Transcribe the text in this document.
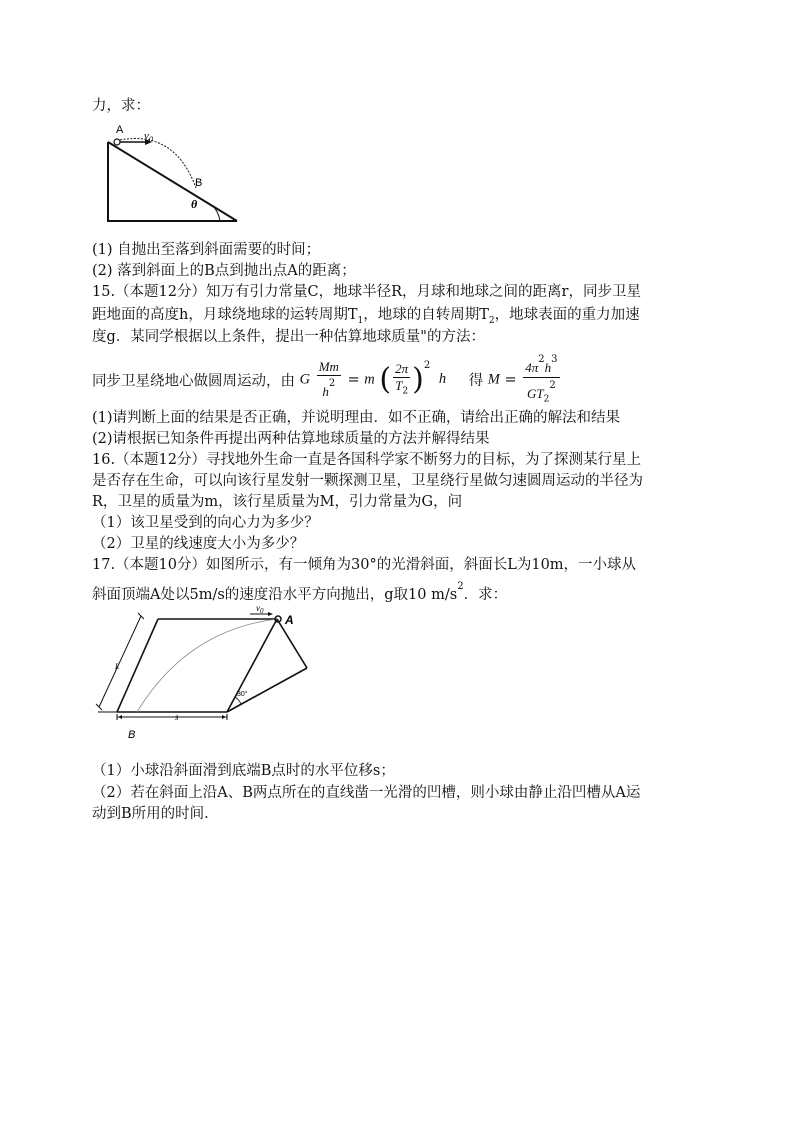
力，求：
A $v_0$
B
θ
(1) 自抛出至落到斜面需要的时间；
(2) 落到斜面上的B点到抛出点A的距离；
15.（本题12分）知万有引力常量C，地球半径R，月球和地球之间的距离r，同步卫星
距地面的高度h，月球绕地球的运转周期$T_1$，地球的自转周期$T_2$，地球表面的重力加速
度g．某同学根据以上条件，提出一种估算地球质量"的方法：
同步卫星绕地心做圆周运动，由 G $\frac{Mm}{h^2} = m$ ( $\frac{2\pi}{T_2} )^2$ h 得 $M = \frac{4\pi^2h^3}{GT_2^2}$
(1)请判断上面的结果是否正确，并说明理由．如不正确，请给出正确的解法和结果
(2)请根据已知条件再提出两种估算地球质量的方法并解得结果
16.（本题12分）寻找地外生命一直是各国科学家不断努力的目标，为了探测某行星上
是否存在生命，可以向该行星发射一颗探测卫星，卫星绕行星做匀速圆周运动的半径为
R，卫星的质量为m，该行星质量为M，引力常量为G，问
（1）该卫星受到的向心力为多少？
（2）卫星的线速度大小为多少？
17.（本题10分）如图所示，有一倾角为30°的光滑斜面，斜面长L为10m，一小球从
斜面顶端A处以5m/s的速度沿水平方向抛出，g取10 $m/s^2$．求：
$v_0$
A
L
30°
s
B
（1）小球沿斜面滑到底端B点时的水平位移s；
（2）若在斜面上沿A、B两点所在的直线凿一光滑的凹槽，则小球由静止沿凹槽从A运
动到B所用的时间.
